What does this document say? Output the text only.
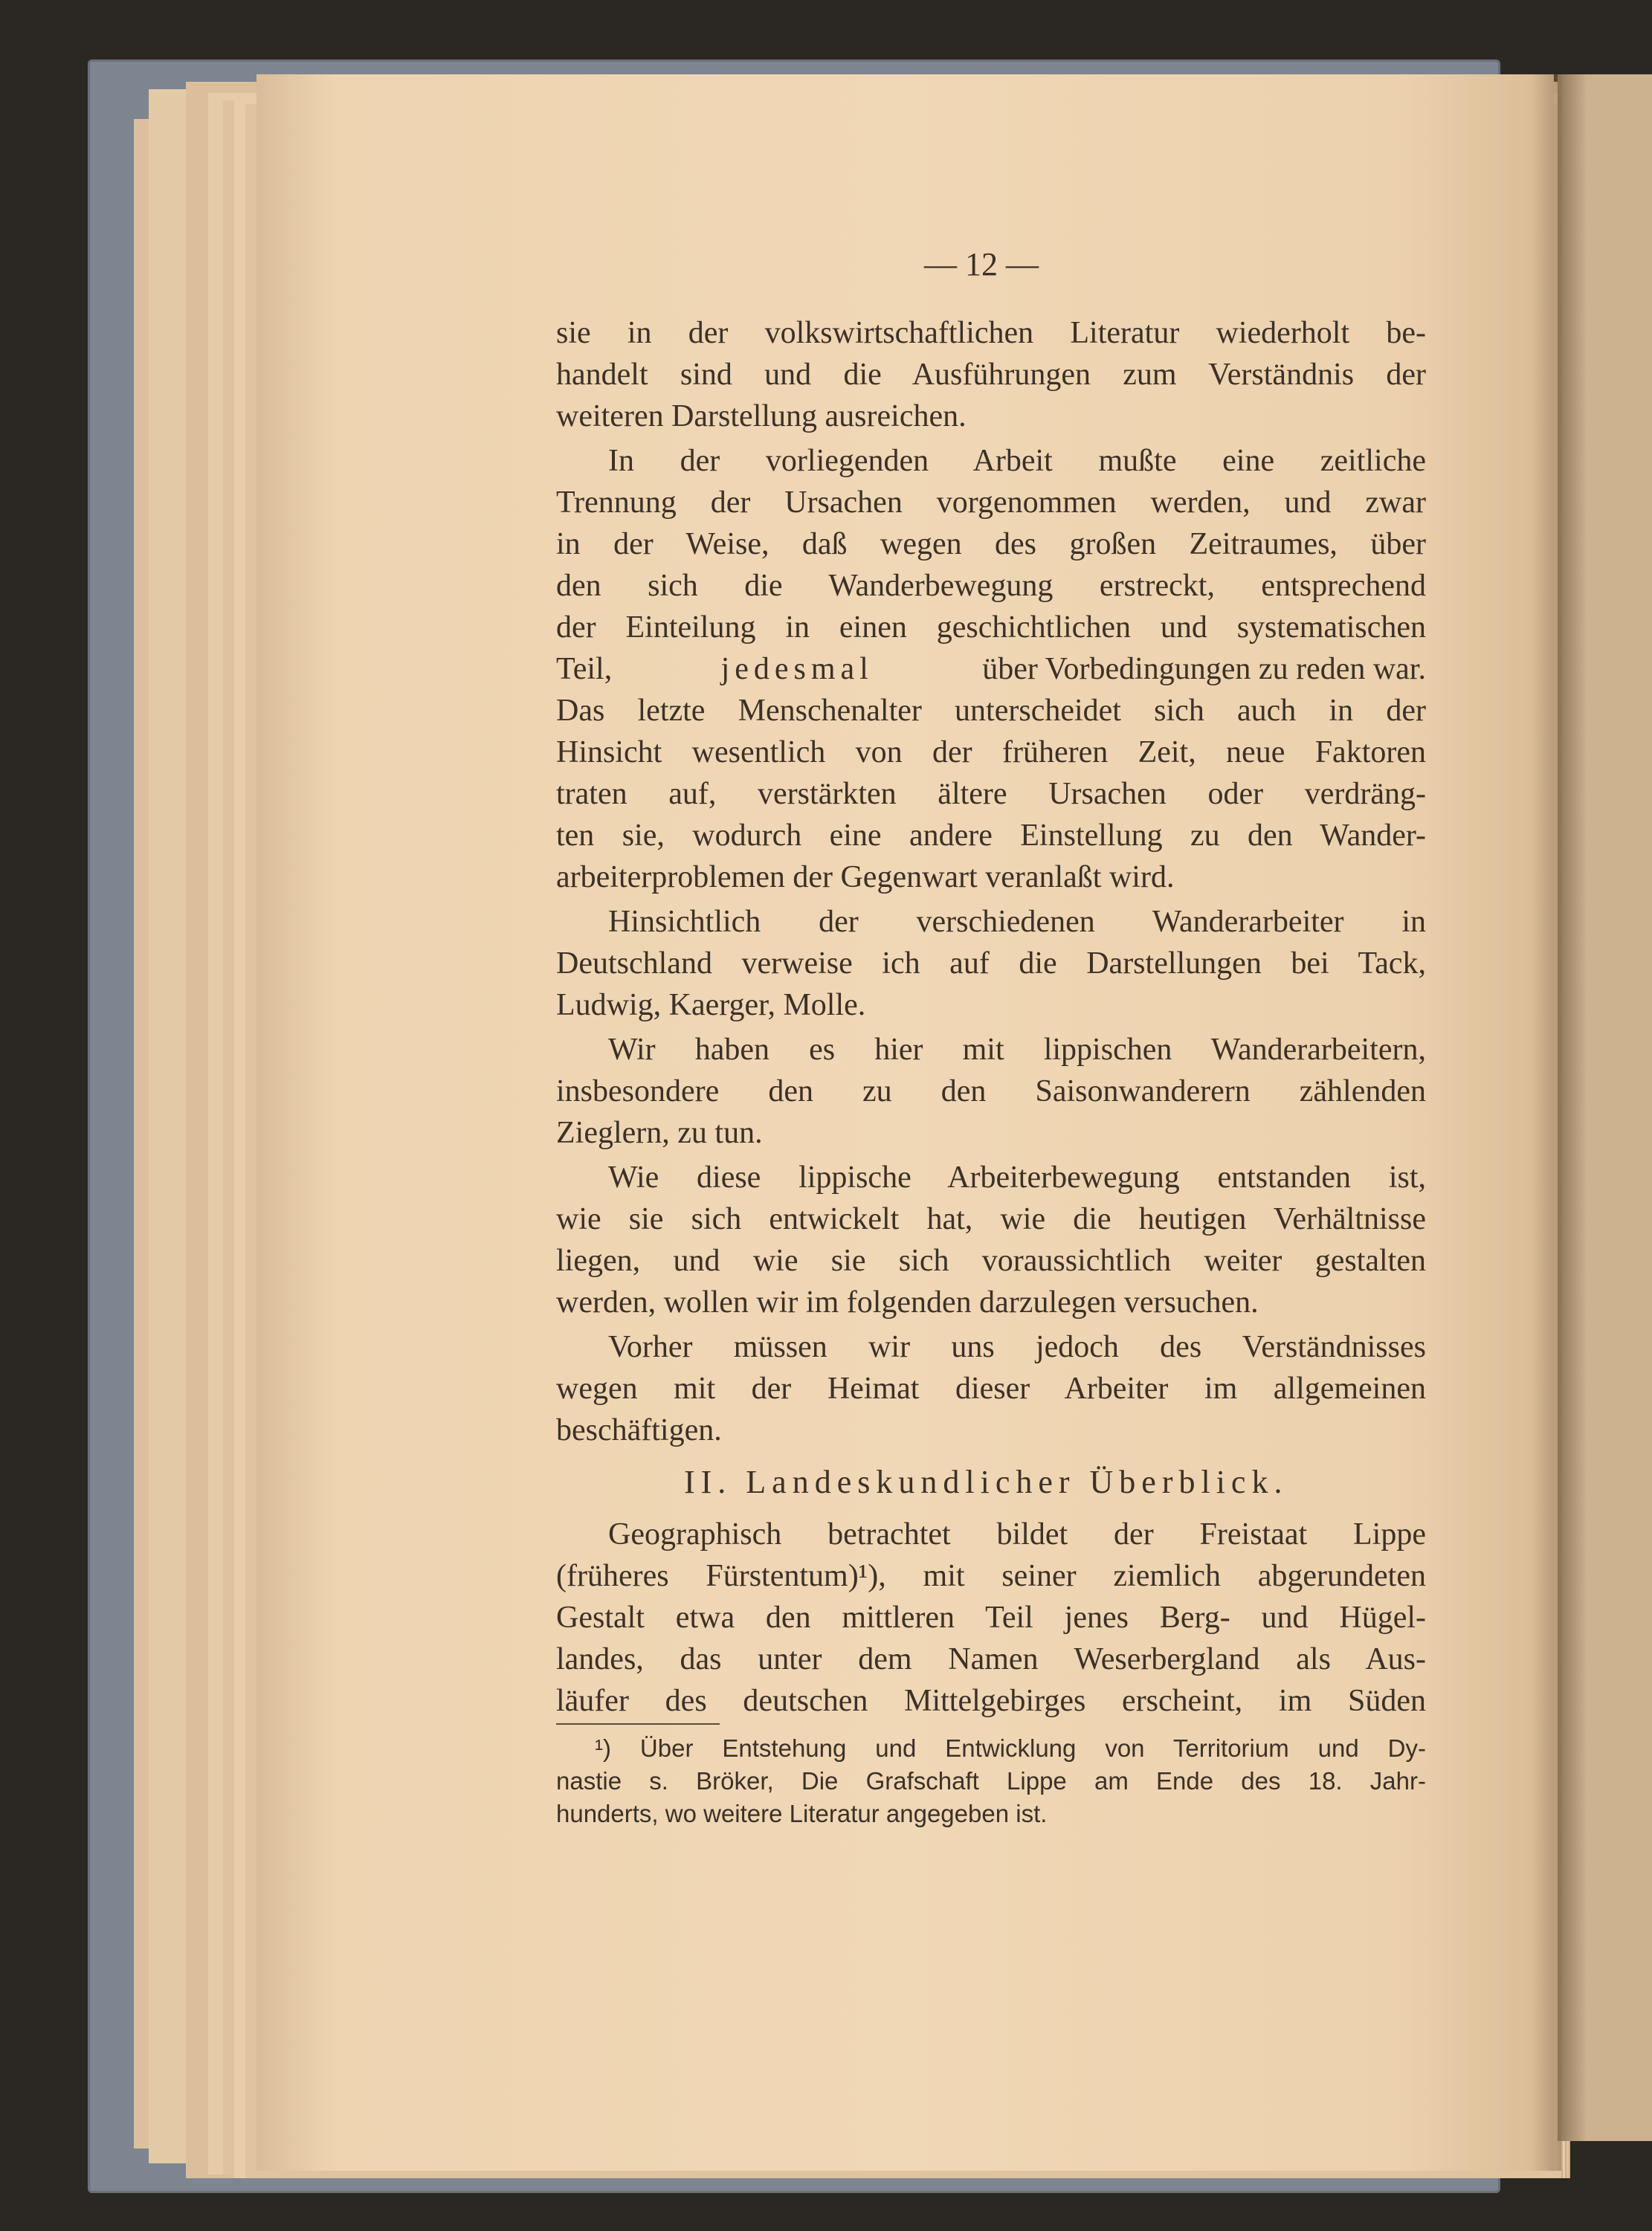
— 12 —
sie in der volkswirtschaftlichen Literatur wiederholt be-
handelt sind und die Ausführungen zum Verständnis der
weiteren Darstellung ausreichen.
In der vorliegenden Arbeit mußte eine zeitliche
Trennung der Ursachen vorgenommen werden, und zwar
in der Weise, daß wegen des großen Zeitraumes, über
den sich die Wanderbewegung erstreckt, entsprechend
der Einteilung in einen geschichtlichen und systematischen
Teil,	jedesmal	über Vorbedingungen zu reden war.
Das letzte Menschenalter unterscheidet sich auch in der
Hinsicht wesentlich von der früheren Zeit, neue Faktoren
traten auf, verstärkten ältere Ursachen oder verdräng-
ten sie, wodurch eine andere Einstellung zu den Wander-
arbeiterproblemen der Gegenwart veranlaßt wird.
Hinsichtlich der verschiedenen Wanderarbeiter in
Deutschland verweise ich auf die Darstellungen bei Tack,
Ludwig, Kaerger, Molle.
Wir haben es hier mit lippischen Wanderarbeitern,
insbesondere den zu den Saisonwanderern zählenden
Zieglern, zu tun.
Wie diese lippische Arbeiterbewegung entstanden ist,
wie sie sich entwickelt hat, wie die heutigen Verhältnisse
liegen, und wie sie sich voraussichtlich weiter gestalten
werden, wollen wir im folgenden darzulegen versuchen.
Vorher müssen wir uns jedoch des Verständnisses
wegen mit der Heimat dieser Arbeiter im allgemeinen
beschäftigen.
II. Landeskundlicher Überblick.
Geographisch betrachtet bildet der Freistaat Lippe
(früheres Fürstentum)¹), mit seiner ziemlich abgerundeten
Gestalt etwa den mittleren Teil jenes Berg- und Hügel-
landes, das unter dem Namen Weserbergland als Aus-
läufer des deutschen Mittelgebirges erscheint, im Süden
¹) Über Entstehung und Entwicklung von Territorium und Dy-
nastie s. Bröker, Die Grafschaft Lippe am Ende des 18. Jahr-
hunderts, wo weitere Literatur angegeben ist.
